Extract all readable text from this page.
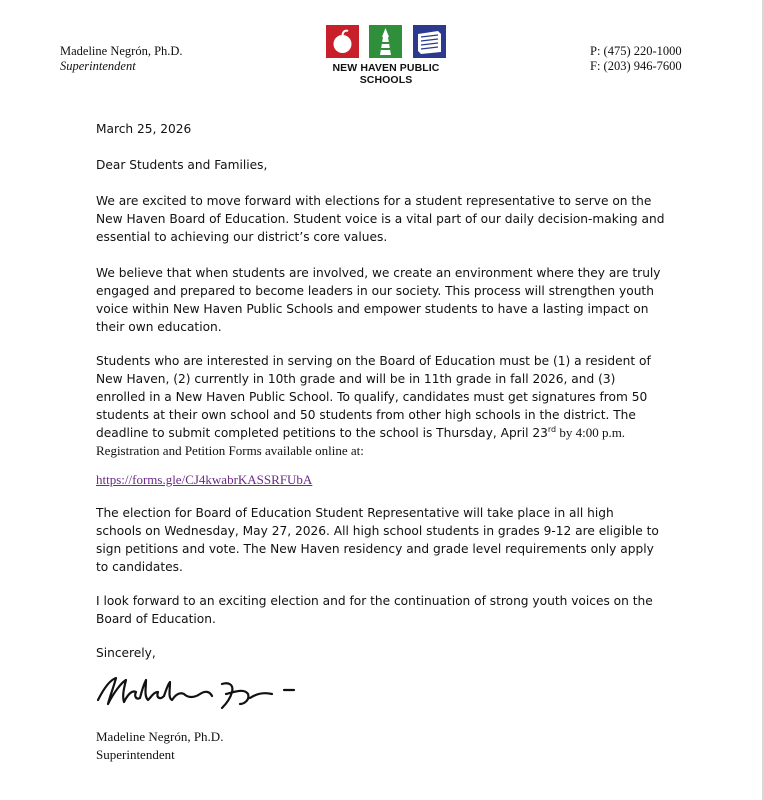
Madeline Negrón, Ph.D.
Superintendent	NEW HAVEN PUBLIC SCHOOLS
P: (475) 220-1000
F: (203) 946-7600
March 25, 2026
Dear Students and Families,
We are excited to move forward with elections for a student representative to serve on the
New Haven Board of Education. Student voice is a vital part of our daily decision-making and
essential to achieving our district’s core values.
We believe that when students are involved, we create an environment where they are truly
engaged and prepared to become leaders in our society. This process will strengthen youth
voice within New Haven Public Schools and empower students to have a lasting impact on
their own education.
Students who are interested in serving on the Board of Education must be (1) a resident of
New Haven, (2) currently in 10th grade and will be in 11th grade in fall 2026, and (3)
enrolled in a New Haven Public School. To qualify, candidates must get signatures from 50
students at their own school and 50 students from other high schools in the district. The
deadline to submit completed petitions to the school is Thursday, April 23rd by 4:00 p.m.
Registration and Petition Forms available online at:
https://forms.gle/CJ4kwabrKASSRFUbA
The election for Board of Education Student Representative will take place in all high
schools on Wednesday, May 27, 2026. All high school students in grades 9-12 are eligible to
sign petitions and vote. The New Haven residency and grade level requirements only apply
to candidates.
I look forward to an exciting election and for the continuation of strong youth voices on the
Board of Education.
Sincerely,
Madeline Negrón, Ph.D.
Superintendent
